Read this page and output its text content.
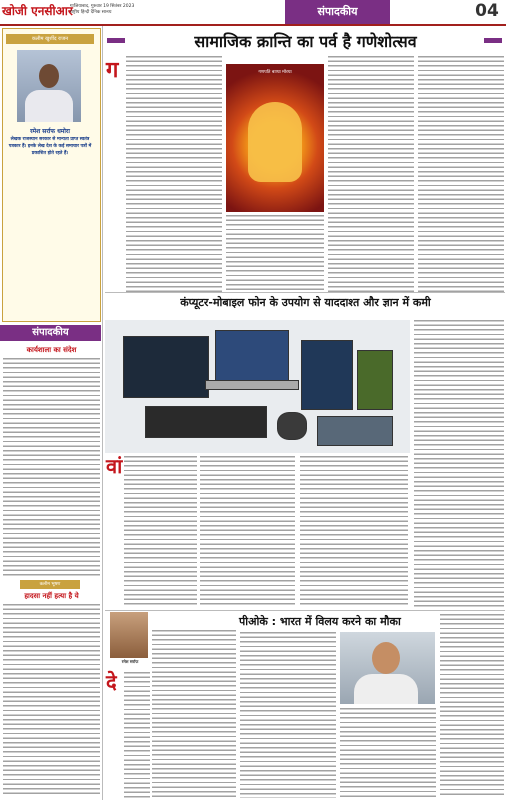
खोजी एनसीआर
गाजियाबाद, गुरुवार 19 सितंबर 2023
राष्ट्रीय हिन्दी दैनिक सान्ध्य	संपादकीय	04
कलीम खुर्शीद राजन
रमेश सर्राफ धमोरा
लेखक राजस्थान सरकार से मान्यता प्राप्त स्वतंत्र पत्रकार हैं। इनके लेख देश के कई समाचार पत्रों में प्रकाशित होते रहते हैं।
संपादकीय
कार्यशाला का संदेश
कलीम भूषण
हादसा नहीं हत्या है ये
सामाजिक क्रान्ति का पर्व है गणेशोत्सव
ग	गणपति बाप्पा मोरया
कंप्यूटर-मोबाइल फोन के उपयोग से याददाश्त और ज्ञान में कमी
वां
रमेश सर्राफ
पीओके : भारत में विलय करने का मौका
दे
